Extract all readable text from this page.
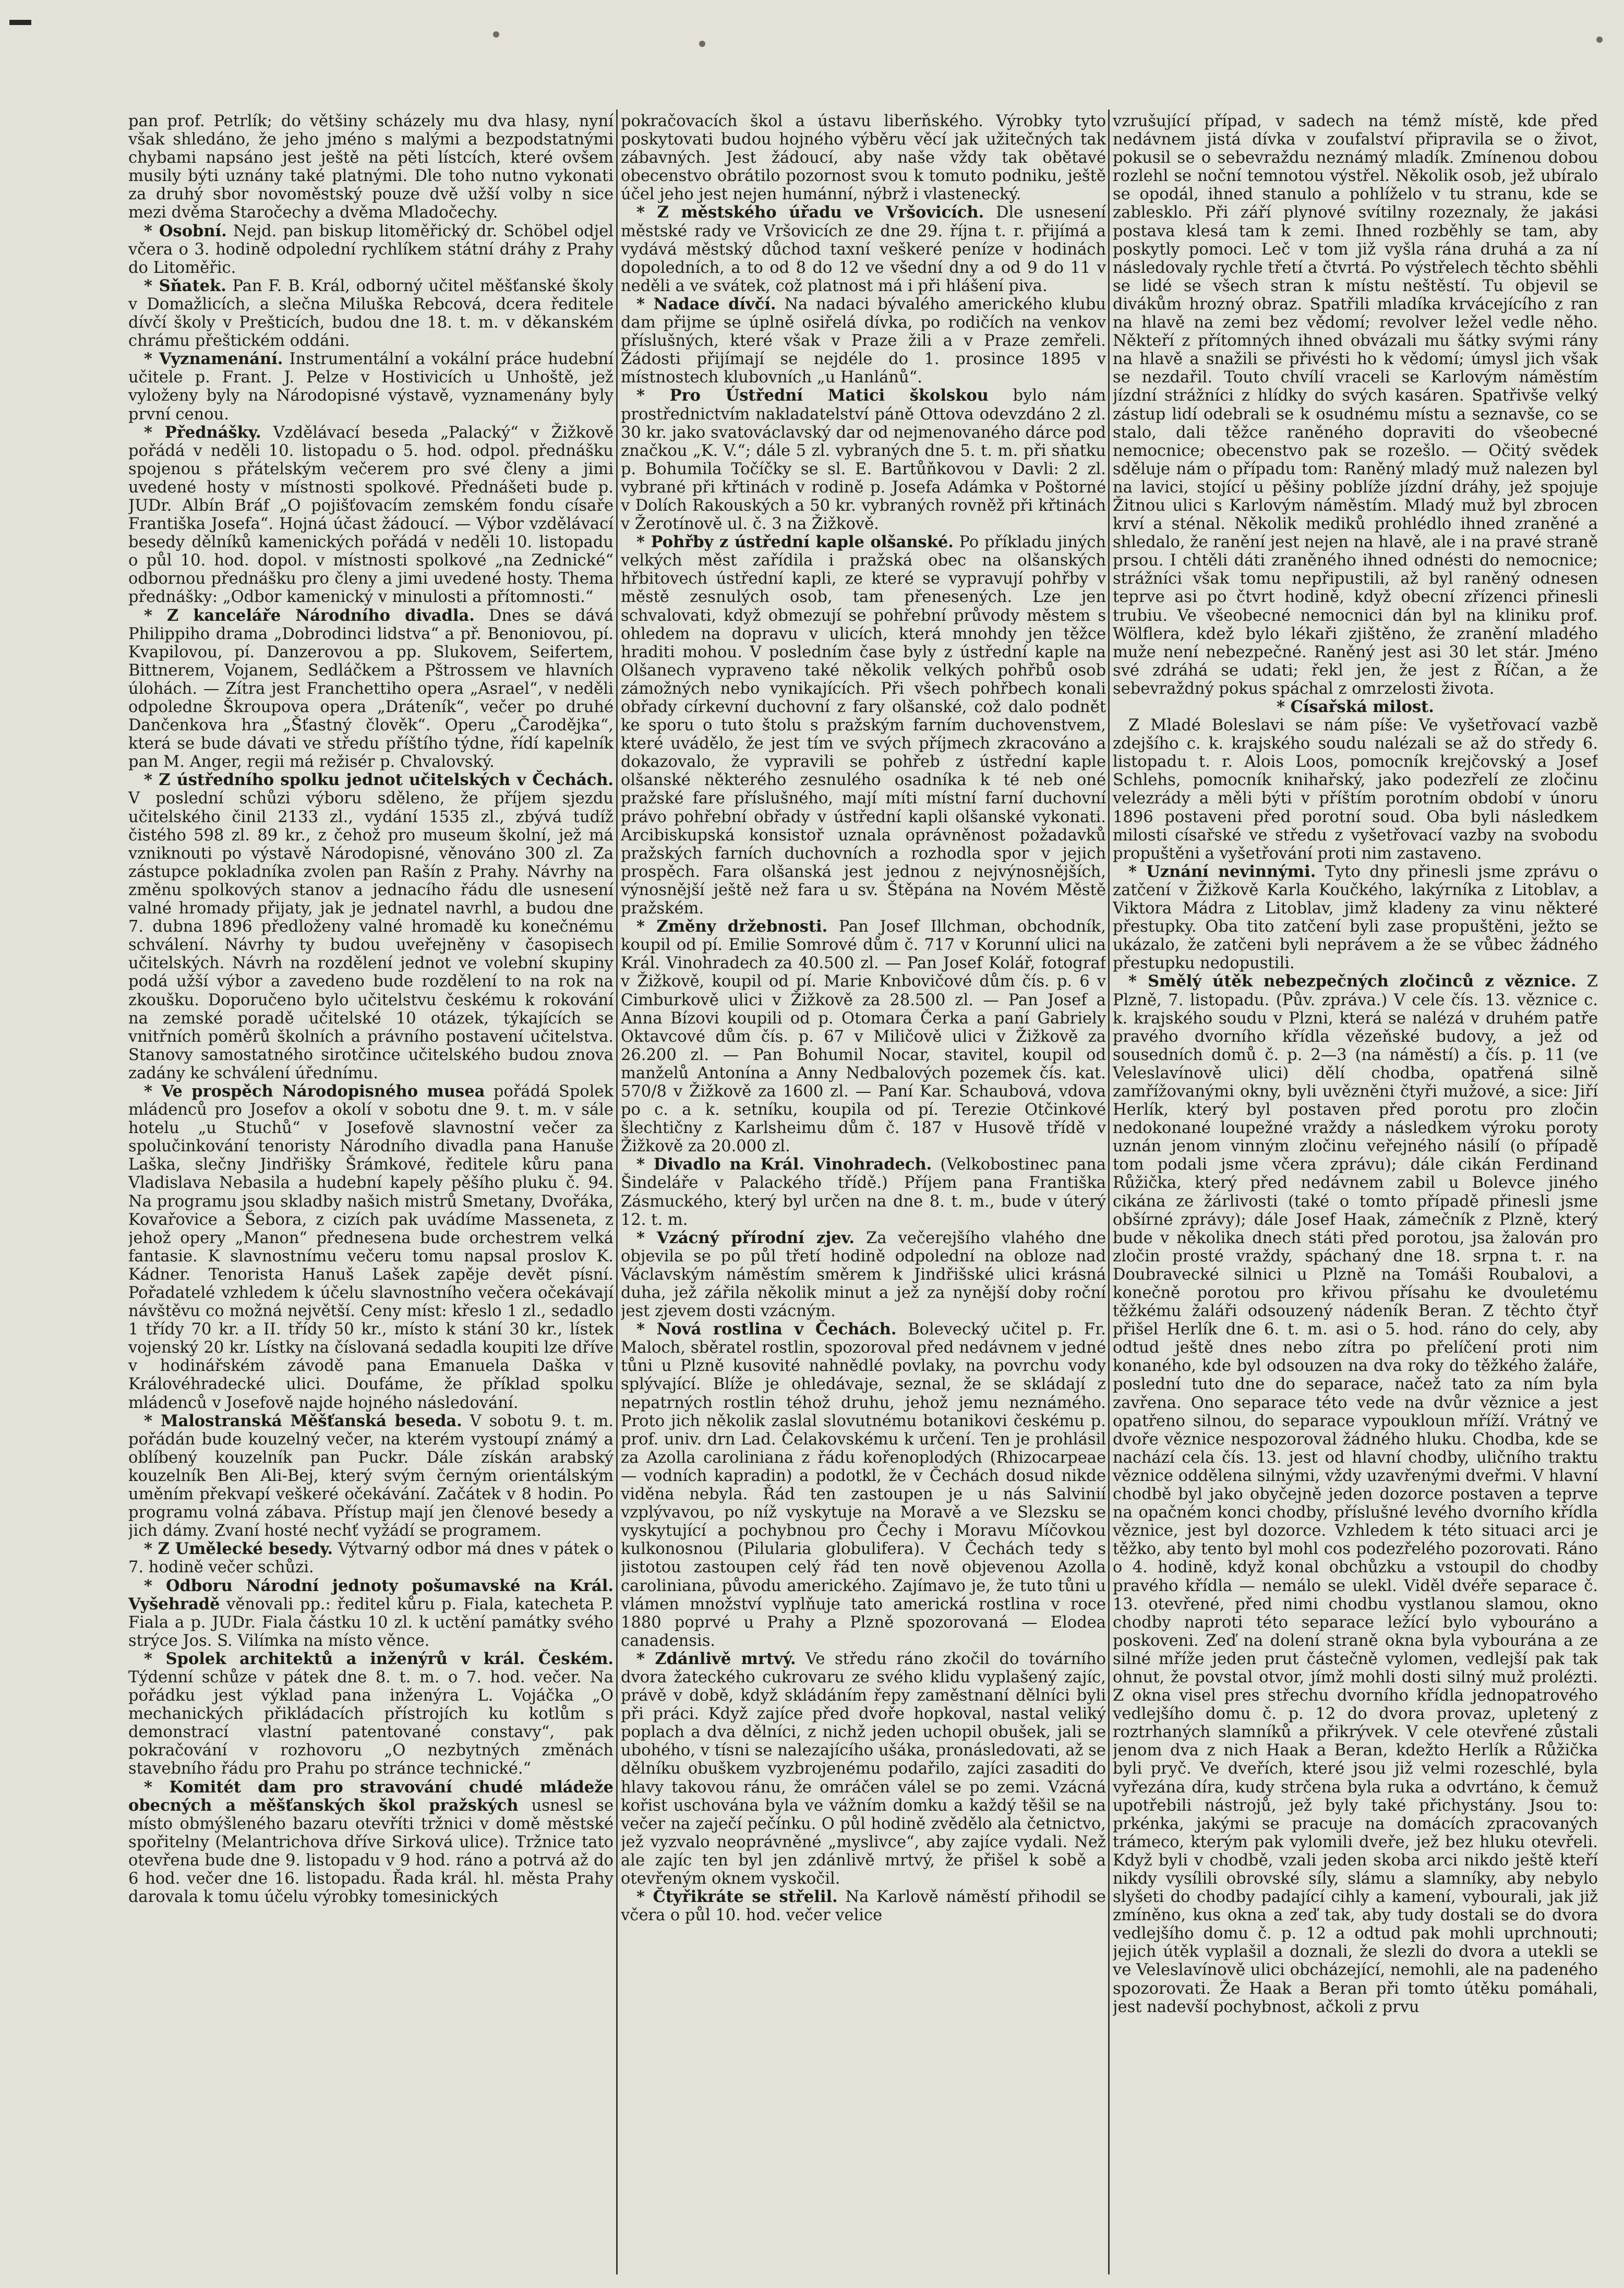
pan prof. Petrlík; do většiny scházely mu dva hlasy, nyní však shledáno, že jeho jméno s malými a bezpodstatnými chybami napsáno jest ještě na pěti lístcích, které ovšem musily býti uznány také platnými. Dle toho nutno vykonati za druhý sbor novoměstský pouze dvě užší volby n sice mezi dvěma Staročechy a dvěma Mladočechy.

* Osobní. Nejd. pan biskup litoměřický dr. Schöbel odjel včera o 3. hodině odpolední rychlíkem státní dráhy z Prahy do Litoměřic.

* Sňatek. Pan F. B. Král, odborný učitel měšťanské školy v Domažlicích, a slečna Miluška Rebcová, dcera ředitele dívčí školy v Prešticích, budou dne 18. t. m. v děkanském chrámu přeštickém oddáni.

* Vyznamenání. Instrumentální a vokální práce hudební učitele p. Frant. J. Pelze v Hostivicích u Unhoště, jež vyloženy byly na Národopisné výstavě, vyznamenány byly první cenou.

* Přednášky. Vzdělávací beseda „Palacký“ v Žižkově pořádá v neděli 10. listopadu o 5. hod. odpol. přednášku spojenou s přátelským večerem pro své členy a jimi uvedené hosty v místnosti spolkové. Přednášeti bude p. JUDr. Albín Bráf „O pojišťovacím zemském fondu císaře Františka Josefa“. Hojná účast žádoucí. — Výbor vzdělávací besedy dělníků kamenických pořádá v neděli 10. listopadu o půl 10. hod. dopol. v místnosti spolkové „na Zednické“ odbornou přednášku pro členy a jimi uvedené hosty. Thema přednášky: „Odbor kamenický v minulosti a přítomnosti.“

* Z kanceláře Národního divadla. Dnes se dává Philippiho drama „Dobrodinci lidstva“ a př. Benoniovou, pí. Kvapilovou, pí. Danzerovou a pp. Slukovem, Seifertem, Bittnerem, Vojanem, Sedláčkem a Pštrossem ve hlavních úlohách. — Zítra jest Franchettiho opera „Asrael“, v neděli odpoledne Škroupova opera „Dráteník“, večer po druhé Dančenkova hra „Šťastný člověk“. Operu „Čarodějka“, která se bude dávati ve středu příštího týdne, řídí kapelník pan M. Anger, regii má režisér p. Chvalovský.

* Z ústředního spolku jednot učitelských v Čechách. V poslední schůzi výboru sděleno, že příjem sjezdu učitelského činil 2133 zl., vydání 1535 zl., zbývá tudíž čistého 598 zl. 89 kr., z čehož pro museum školní, jež má vzniknouti po výstavě Národopisné, věnováno 300 zl. Za zástupce pokladníka zvolen pan Rašín z Prahy. Návrhy na změnu spolkových stanov a jednacího řádu dle usnesení valné hromady přijaty, jak je jednatel navrhl, a budou dne 7. dubna 1896 předloženy valné hromadě ku konečnému schválení. Návrhy ty budou uveřejněny v časopisech učitelských. Návrh na rozdělení jednot ve volební skupiny podá užší výbor a zavedeno bude rozdělení to na rok na zkoušku. Doporučeno bylo učitelstvu českému k rokování na zemské poradě učitelské 10 otázek, týkajících se vnitřních poměrů školních a právního postavení učitelstva. Stanovy samostatného sirotčince učitelského budou znova zadány ke schválení úřednímu.

* Ve prospěch Národopisného musea pořádá Spolek mládenců pro Josefov a okolí v sobotu dne 9. t. m. v sále hotelu „u Stuchů“ v Josefově slavnostní večer za spolučinkování tenoristy Národního divadla pana Hanuše Laška, slečny Jindřišky Šrámkové, ředitele kůru pana Vladislava Nebasila a hudební kapely pěšího pluku č. 94. Na programu jsou skladby našich mistrů Smetany, Dvořáka, Kovařovice a Šebora, z cizích pak uvádíme Masseneta, z jehož opery „Manon“ přednesena bude orchestrem velká fantasie. K slavnostnímu večeru tomu napsal proslov K. Kádner. Tenorista Hanuš Lašek zapěje devět písní. Pořadatelé vzhledem k účelu slavnostního večera očekávají návštěvu co možná největší. Ceny míst: křeslo 1 zl., sedadlo 1 třídy 70 kr. a II. třídy 50 kr., místo k stání 30 kr., lístek vojenský 20 kr. Lístky na číslovaná sedadla koupiti lze dříve v hodinářském závodě pana Emanuela Daška v Královéhradecké ulici. Doufáme, že příklad spolku mládenců v Josefově najde hojného následování.

* Malostranská Měšťanská beseda. V sobotu 9. t. m. pořádán bude kouzelný večer, na kterém vystoupí známý a oblíbený kouzelník pan Puckr. Dále získán arabský kouzelník Ben Ali-Bej, který svým černým orientálským uměním překvapí veškeré očekávání. Začátek v 8 hodin. Po programu volná zábava. Přístup mají jen členové besedy a jich dámy. Zvaní hosté nechť vyžádí se programem.

* Z Umělecké besedy. Výtvarný odbor má dnes v pátek o 7. hodině večer schůzi.

* Odboru Národní jednoty pošumavské na Král. Vyšehradě věnovali pp.: ředitel kůru p. Fiala, katecheta P. Fiala a p. JUDr. Fiala částku 10 zl. k uctění památky svého strýce Jos. S. Vilímka na místo věnce.

* Spolek architektů a inženýrů v král. Českém. Týdenní schůze v pátek dne 8. t. m. o 7. hod. večer. Na pořádku jest výklad pana inženýra L. Vojáčka „O mechanických přikládacích přístrojích ku kotlům s demonstrací vlastní patentované constavy“, pak pokračování v rozhovoru „O nezbytných změnách stavebního řádu pro Prahu po stránce technické.“

* Komitét dam pro stravování chudé mládeže obecných a měšťanských škol pražských usnesl se místo obmýšleného bazaru otevříti tržnici v domě městské spořitelny (Melantrichova dříve Sirková ulice). Tržnice tato otevřena bude dne 9. listopadu v 9 hod. ráno a potrvá až do 6 hod. večer dne 16. listopadu. Řada král. hl. města Prahy darovala k tomu účelu výrobky tomesinických

pokračovacích škol a ústavu liberňského. Výrobky tyto poskytovati budou hojného výběru věcí jak užitečných tak zábavných. Jest žádoucí, aby naše vždy tak obětavé obecenstvo obrátilo pozornost svou k tomuto podniku, ještě účel jeho jest nejen humánní, nýbrž i vlastenecký.

* Z městského úřadu ve Vršovicích. Dle usnesení městské rady ve Vršovicích ze dne 29. října t. r. přijímá a vydává městský důchod taxní veškeré peníze v hodinách dopoledních, a to od 8 do 12 ve všední dny a od 9 do 11 v neděli a ve svátek, což platnost má i při hlášení piva.

* Nadace dívčí. Na nadaci bývalého amerického klubu dam přijme se úplně osiřelá dívka, po rodičích na venkov příslušných, které však v Praze žili a v Praze zemřeli. Žádosti přijímají se nejdéle do 1. prosince 1895 v místnostech klubovních „u Hanlánů“.

* Pro Ústřední Matici školskou bylo nám prostřednictvím nakladatelství páně Ottova odevzdáno 2 zl. 30 kr. jako svatováclavský dar od nejmenovaného dárce pod značkou „K. V.“; dále 5 zl. vybraných dne 5. t. m. při sňatku p. Bohumila Točíčky se sl. E. Bartůňkovou v Davli: 2 zl. vybrané při křtinách v rodině p. Josefa Adámka v Poštorné v Dolích Rakouských a 50 kr. vybraných rovněž při křtinách v Žerotínově ul. č. 3 na Žižkově.

* Pohřby z ústřední kaple olšanské. Po příkladu jiných velkých měst zařídila i pražská obec na olšanských hřbitovech ústřední kapli, ze které se vypravují pohřby v městě zesnulých osob, tam přenesených. Lze jen schvalovati, když obmezují se pohřební průvody městem s ohledem na dopravu v ulicích, která mnohdy jen těžce hraditi mohou. V posledním čase byly z ústřední kaple na Olšanech vypraveno také několik velkých pohřbů osob zámožných nebo vynikajících. Při všech pohřbech konali obřady církevní duchovní z fary olšanské, což dalo podnět ke sporu o tuto štolu s pražským farním duchovenstvem, které uvádělo, že jest tím ve svých příjmech zkracováno a dokazovalo, že vypravili se pohřeb z ústřední kaple olšanské některého zesnulého osadníka k té neb oné pražské fare příslušného, mají míti místní farní duchovní právo pohřební obřady v ústřední kapli olšanské vykonati. Arcibiskupská konsistoř uznala oprávněnost požadavků pražských farních duchovních a rozhodla spor v jejich prospěch. Fara olšanská jest jednou z nejvýnosnějších, výnosnější ještě než fara u sv. Štěpána na Novém Městě pražském.

* Změny držebnosti. Pan Josef Illchman, obchodník, koupil od pí. Emilie Somrové dům č. 717 v Korunní ulici na Král. Vinohradech za 40.500 zl. — Pan Josef Kolář, fotograf v Žižkově, koupil od pí. Marie Knbovičové dům čís. p. 6 v Cimburkově ulici v Žižkově za 28.500 zl. — Pan Josef a Anna Bízovi koupili od p. Otomara Čerka a paní Gabriely Oktavcové dům čís. p. 67 v Miličově ulici v Žižkově za 26.200 zl. — Pan Bohumil Nocar, stavitel, koupil od manželů Antonína a Anny Nedbalových pozemek čís. kat. 570/8 v Žižkově za 1600 zl. — Paní Kar. Schaubová, vdova po c. a k. setníku, koupila od pí. Terezie Otčinkové šlechtičny z Karlsheimu dům č. 187 v Husově třídě v Žižkově za 20.000 zl.

* Divadlo na Král. Vinohradech. (Velkobostinec pana Šindeláře v Palackého třídě.) Příjem pana Františka Zásmuckého, který byl určen na dne 8. t. m., bude v úterý 12. t. m.

* Vzácný přírodní zjev. Za večerejšího vlahého dne objevila se po půl třetí hodině odpolední na obloze nad Václavským náměstím směrem k Jindřišské ulici krásná duha, jež zářila několik minut a jež za nynější doby roční jest zjevem dosti vzácným.

* Nová rostlina v Čechách. Bolevecký učitel p. Fr. Maloch, sběratel rostlin, spozoroval před nedávnem v jedné tůni u Plzně kusovité nahnědlé povlaky, na povrchu vody splývající. Blíže je ohledávaje, seznal, že se skládají z nepatrných rostlin téhož druhu, jehož jemu neznámého. Proto jich několik zaslal slovutnému botanikovi českému p. prof. univ. drn Lad. Čelakovskému k určení. Ten je prohlásil za Azolla caroliniana z řádu kořenoplodých (Rhizocarpeae — vodních kapradin) a podotkl, že v Čechách dosud nikde viděna nebyla. Řád ten zastoupen je u nás Salvinií vzplývavou, po níž vyskytuje na Moravě a ve Slezsku se vyskytující a pochybnou pro Čechy i Moravu Míčovkou kulkonosnou (Pilularia globulifera). V Čechách tedy s jistotou zastoupen celý řád ten nově objevenou Azolla caroliniana, původu amerického. Zajímavo je, že tuto tůni u vlámen množství vyplňuje tato americká rostlina v roce 1880 poprvé u Prahy a Plzně spozorovaná — Elodea canadensis.

* Zdánlivě mrtvý. Ve středu ráno zkočil do továrního dvora žateckého cukrovaru ze svého klidu vyplašený zajíc, právě v době, když skládáním řepy zaměstnaní dělníci byli při práci. Když zajíce před dvoře hopkoval, nastal veliký poplach a dva dělníci, z nichž jeden uchopil obušek, jali se ubohého, v tísni se nalezajícího ušáka, pronásledovati, až se dělníku obuškem vyzbrojenému podařilo, zajíci zasaditi do hlavy takovou ránu, že omráčen válel se po zemi. Vzácná kořist uschována byla ve vážním domku a každý těšil se na večer na zaječí pečínku. O půl hodině zvědělo ala četnictvo, jež vyzvalo neoprávněné „myslivce“, aby zajíce vydali. Než ale zajíc ten byl jen zdánlivě mrtvý, že přišel k sobě a otevřeným oknem vyskočil.

* Čtyřikráte se střelil. Na Karlově náměstí přihodil se včera o půl 10. hod. večer velice

vzrušující případ, v sadech na témž místě, kde před nedávnem jistá dívka v zoufalství připravila se o život, pokusil se o sebevraždu neznámý mladík. Zmínenou dobou rozlehl se noční temnotou výstřel. Několik osob, jež ubíralo se opodál, ihned stanulo a pohlíželo v tu stranu, kde se zablesklo. Při září plynové svítilny rozeznaly, že jakási postava klesá tam k zemi. Ihned rozběhly se tam, aby poskytly pomoci. Leč v tom již vyšla rána druhá a za ní následovaly rychle třetí a čtvrtá. Po výstřelech těchto sběhli se lidé se všech stran k místu neštěstí. Tu objevil se divákům hrozný obraz. Spatřili mladíka krvácejícího z ran na hlavě na zemi bez vědomí; revolver ležel vedle něho. Někteří z přítomných ihned obvázali mu šátky svými rány na hlavě a snažili se přivésti ho k vědomí; úmysl jich však se nezdařil. Touto chvílí vraceli se Karlovým náměstím jízdní strážníci z hlídky do svých kasáren. Spatřivše velký zástup lidí odebrali se k osudnému místu a seznavše, co se stalo, dali těžce raněného dopraviti do všeobecné nemocnice; obecenstvo pak se rozešlo. — Očitý svědek sděluje nám o případu tom: Raněný mladý muž nalezen byl na lavici, stojící u pěšiny poblíže jízdní dráhy, jež spojuje Žitnou ulici s Karlovým náměstím. Mladý muž byl zbrocen krví a sténal. Několik mediků prohlédlo ihned zraněné a shledalo, že ranění jest nejen na hlavě, ale i na pravé straně prsou. I chtěli dáti zraněného ihned odnésti do nemocnice; strážníci však tomu nepřipustili, až byl raněný odnesen teprve asi po čtvrt hodině, když obecní zřízenci přinesli trubiu. Ve všeobecné nemocnici dán byl na kliniku prof. Wölflera, kdež bylo lékaři zjištěno, že zranění mladého muže není nebezpečné. Raněný jest asi 30 let stár. Jméno své zdráhá se udati; řekl jen, že jest z Říčan, a že sebevraždný pokus spáchal z omrzelosti života.

* Císařská milost.

Z Mladé Boleslavi se nám píše: Ve vyšetřovací vazbě zdejšího c. k. krajského soudu nalézali se až do středy 6. listopadu t. r. Alois Loos, pomocník krejčovský a Josef Schlehs, pomocník knihařský, jako podezřelí ze zločinu velezrády a měli býti v příštím porotním období v únoru 1896 postaveni před porotní soud. Oba byli následkem milosti císařské ve středu z vyšetřovací vazby na svobodu propuštěni a vyšetřování proti nim zastaveno.

* Uznání nevinnými. Tyto dny přinesli jsme zprávu o zatčení v Žižkově Karla Koučkého, lakýrníka z Litoblav, a Viktora Mádra z Litoblav, jimž kladeny za vinu některé přestupky. Oba tito zatčení byli zase propuštěni, ježto se ukázalo, že zatčeni byli neprávem a že se vůbec žádného přestupku nedopustili.

* Smělý útěk nebezpečných zločinců z věznice. Z Plzně, 7. listopadu. (Pův. zpráva.) V cele čís. 13. věznice c. k. krajského soudu v Plzni, která se nalézá v druhém patře pravého dvorního křídla vězeňské budovy, a jež od sousedních domů č. p. 2—3 (na náměstí) a čís. p. 11 (ve Veleslavínově ulici) dělí chodba, opatřená silně zamřížovanými okny, byli uvězněni čtyři mužové, a sice: Jiří Herlík, který byl postaven před porotu pro zločin nedokonané loupežné vraždy a následkem výroku poroty uznán jenom vinným zločinu veřejného násilí (o případě tom podali jsme včera zprávu); dále cikán Ferdinand Růžička, který před nedávnem zabil u Bolevce jiného cikána ze žárlivosti (také o tomto případě přinesli jsme obšírné zprávy); dále Josef Haak, zámečník z Plzně, který bude v několika dnech státi před porotou, jsa žalován pro zločin prosté vraždy, spáchaný dne 18. srpna t. r. na Doubravecké silnici u Plzně na Tomáši Roubalovi, a konečně porotou pro křivou přísahu ke dvouletému těžkému žaláři odsouzený nádeník Beran. Z těchto čtyř přišel Herlík dne 6. t. m. asi o 5. hod. ráno do cely, aby odtud ještě dnes nebo zítra po přelíčení proti nim konaného, kde byl odsouzen na dva roky do těžkého žaláře, poslední tuto dne do separace, načež tato za ním byla zavřena. Ono separace této vede na dvůr věznice a jest opatřeno silnou, do separace vypoukloun mříží. Vrátný ve dvoře věznice nespozoroval žádného hluku. Chodba, kde se nachází cela čís. 13. jest od hlavní chodby, uličního traktu věznice oddělena silnými, vždy uzavřenými dveřmi. V hlavní chodbě byl jako obyčejně jeden dozorce postaven a teprve na opačném konci chodby, příslušné levého dvorního křídla věznice, jest byl dozorce. Vzhledem k této situaci arci je těžko, aby tento byl mohl cos podezřelého pozorovati. Ráno o 4. hodině, když konal obchůzku a vstoupil do chodby pravého křídla — nemálo se ulekl. Viděl dvéře separace č. 13. otevřené, před nimi chodbu vystlanou slamou, okno chodby naproti této separace ležící bylo vybouráno a poskoveni. Zeď na dolení straně okna byla vybourána a ze silné mříže jeden prut částečně vylomen, vedlejší pak tak ohnut, že povstal otvor, jímž mohli dosti silný muž prolézti. Z okna visel pres střechu dvorního křídla jednopatrového vedlejšího domu č. p. 12 do dvora provaz, upletený z roztrhaných slamníků a přikrývek. V cele otevřené zůstali jenom dva z nich Haak a Beran, kdežto Herlík a Růžička byli pryč. Ve dveřích, které jsou již velmi rozeschlé, byla vyřezána díra, kudy strčena byla ruka a odvrtáno, k čemuž upotřebili nástrojů, jež byly také přichystány. Jsou to: prkénka, jakými se pracuje na domácích zpracovaných trámeco, kterým pak vylomili dveře, jež bez hluku otevřeli. Když byli v chodbě, vzali jeden skoba arci nikdo ještě kteří nikdy vysílili obrovské síly, slámu a slamníky, aby nebylo slyšeti do chodby padající cihly a kamení, vybourali, jak již zmíněno, kus okna a zeď tak, aby tudy dostali se do dvora vedlejšího domu č. p. 12 a odtud pak mohli uprchnouti; jejich útěk vyplašil a doznali, že slezli do dvora a utekli se ve Veleslavínově ulici obcházející, nemohli, ale na padeného spozorovati. Že Haak a Beran při tomto útěku pomáhali, jest nadevší pochybnost, ačkoli z prvu
